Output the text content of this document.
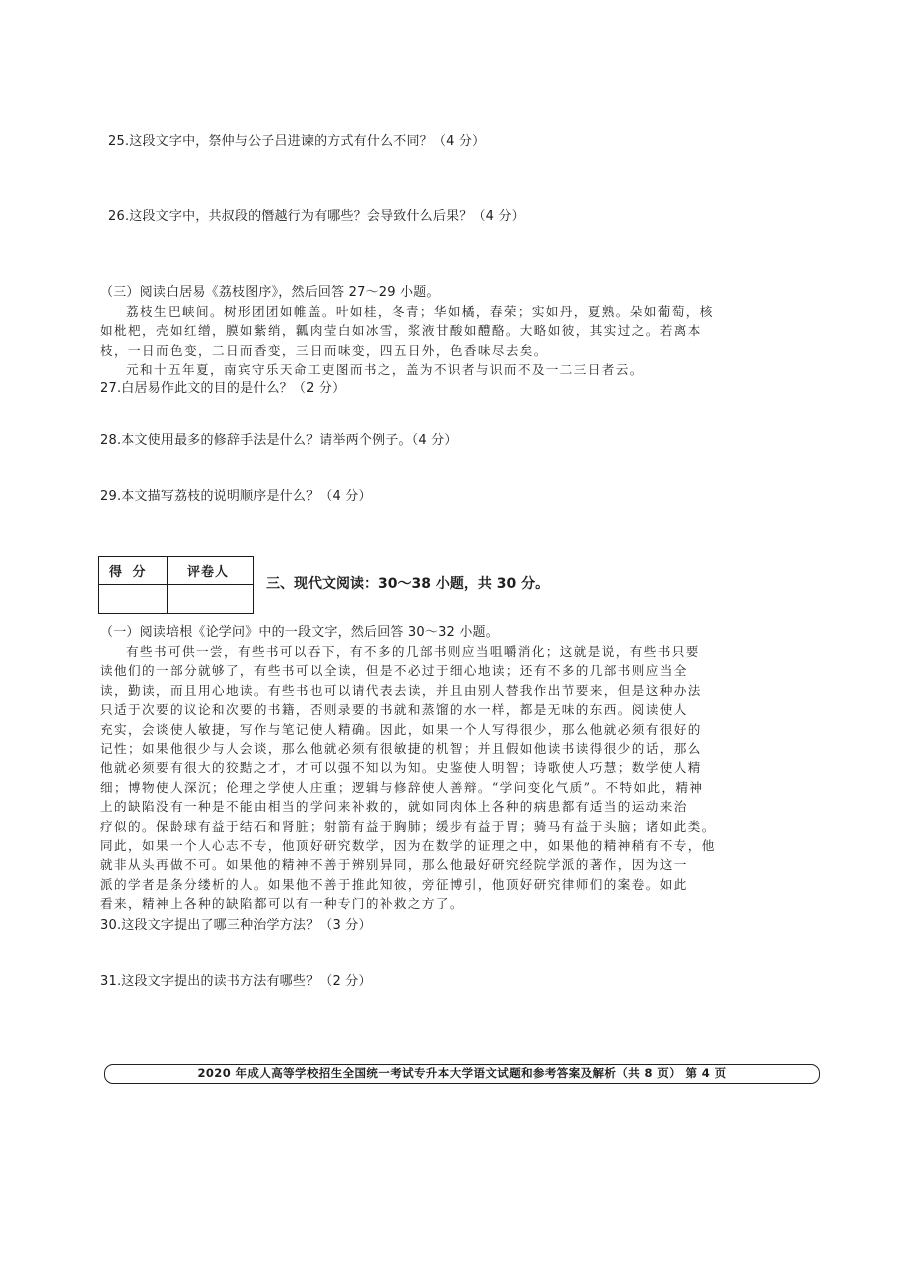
25.这段文字中，祭仲与公子吕进谏的方式有什么不同？（4 分）
26.这段文字中，共叔段的僭越行为有哪些？会导致什么后果？（4 分）
（三）阅读白居易《荔枝图序》，然后回答 27～29 小题。
荔枝生巴峡间。树形团团如帷盖。叶如桂，冬青；华如橘，春荣；实如丹，夏熟。朵如葡萄，核
如枇杷，壳如红缯，膜如紫绡，瓤肉莹白如冰雪，浆液甘酸如醴酪。大略如彼，其实过之。若离本
枝，一日而色变，二日而香变，三日而味变，四五日外，色香味尽去矣。
元和十五年夏，南宾守乐天命工吏图而书之，盖为不识者与识而不及一二三日者云。
27.白居易作此文的目的是什么？（2 分）
28.本文使用最多的修辞手法是什么？请举两个例子。（4 分）
29.本文描写荔枝的说明顺序是什么？（4 分）
得 分	评卷人
三、现代文阅读：30～38 小题，共 30 分。
（一）阅读培根《论学问》中的一段文字，然后回答 30～32 小题。
有些书可供一尝，有些书可以吞下，有不多的几部书则应当咀嚼消化；这就是说，有些书只要
读他们的一部分就够了，有些书可以全读，但是不必过于细心地读；还有不多的几部书则应当全
读，勤读，而且用心地读。有些书也可以请代表去读，并且由别人替我作出节要来，但是这种办法
只适于次要的议论和次要的书籍，否则录要的书就和蒸馏的水一样，都是无味的东西。阅读使人
充实，会谈使人敏捷，写作与笔记使人精确。因此，如果一个人写得很少，那么他就必须有很好的
记性；如果他很少与人会谈，那么他就必须有很敏捷的机智；并且假如他读书读得很少的话，那么
他就必须要有很大的狡黠之才，才可以强不知以为知。史鉴使人明智；诗歌使人巧慧；数学使人精
细；博物使人深沉；伦理之学使人庄重；逻辑与修辞使人善辩。“学问变化气质”。不特如此，精神
上的缺陷没有一种是不能由相当的学问来补救的，就如同肉体上各种的病患都有适当的运动来治
疗似的。保龄球有益于结石和肾脏；射箭有益于胸肺；缓步有益于胃；骑马有益于头脑；诸如此类。
同此，如果一个人心志不专，他顶好研究数学，因为在数学的证理之中，如果他的精神稍有不专，他
就非从头再做不可。如果他的精神不善于辨别异同，那么他最好研究经院学派的著作，因为这一
派的学者是条分缕析的人。如果他不善于推此知彼，旁征博引，他顶好研究律师们的案卷。如此
看来，精神上各种的缺陷都可以有一种专门的补救之方了。
30.这段文字提出了哪三种治学方法？（3 分）
31.这段文字提出的读书方法有哪些？（2 分）
2020 年成人高等学校招生全国统一考试专升本大学语文试题和参考答案及解析（共 8 页） 第 4 页
